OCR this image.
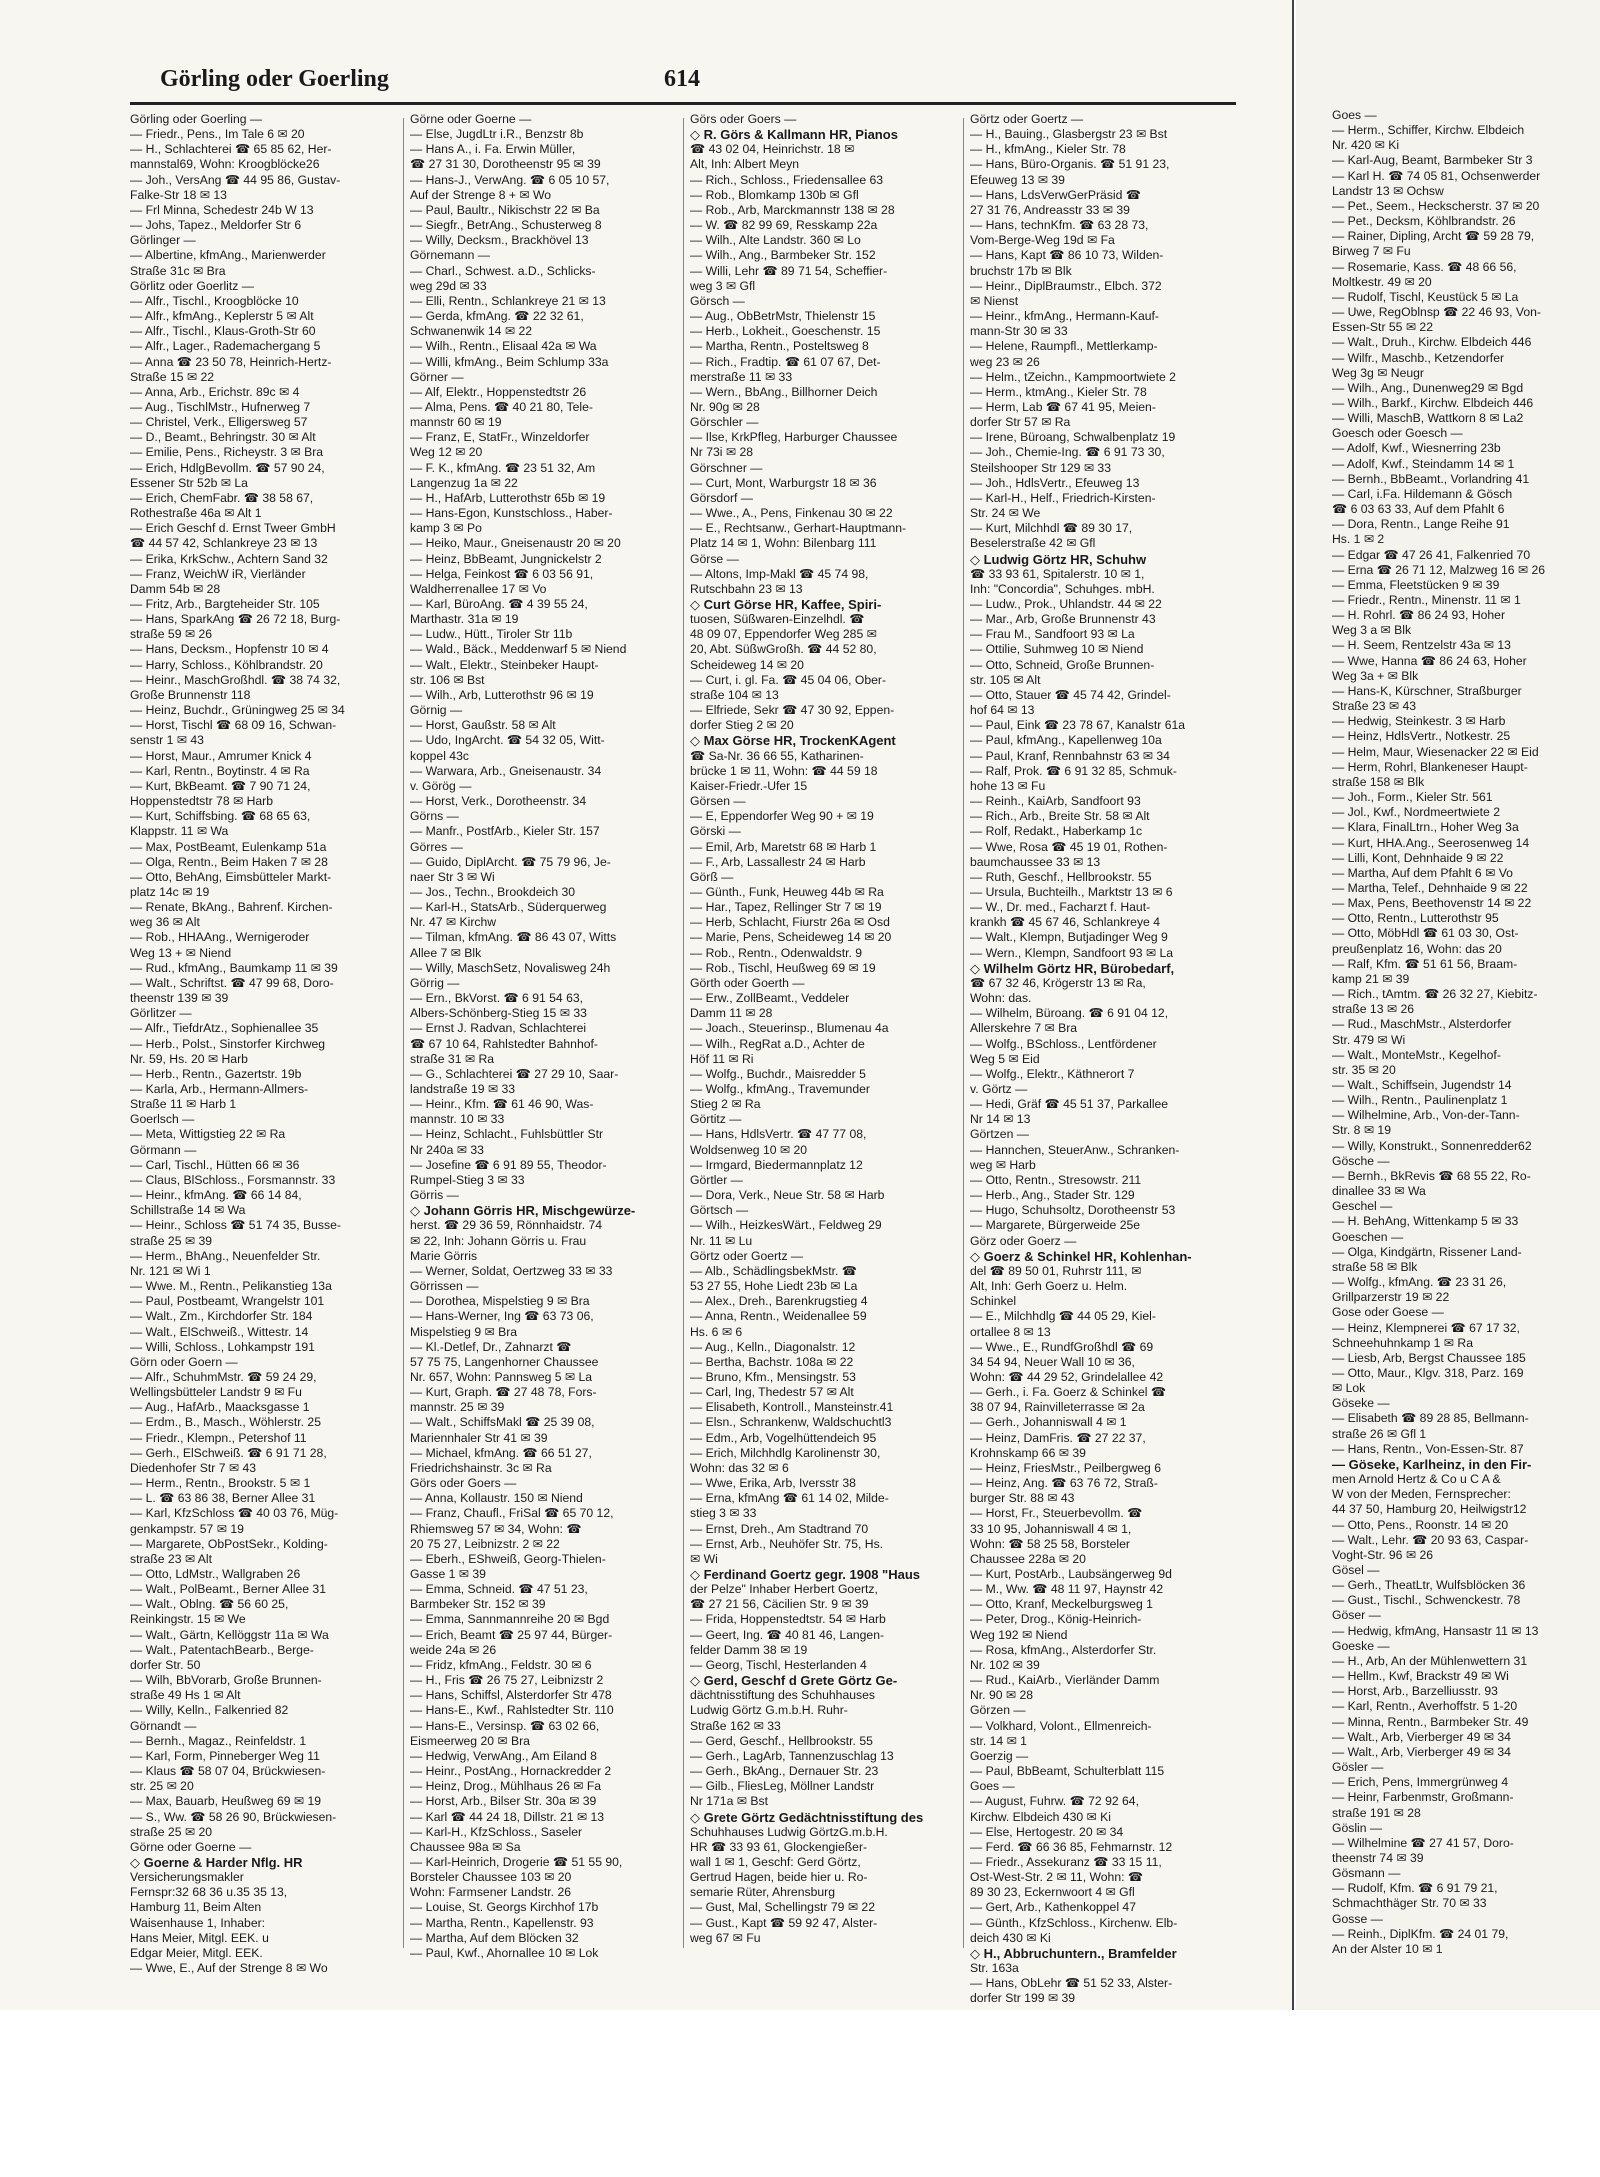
Görling oder Goerling	614
Görling oder Goerling —
— Friedr., Pens., Im Tale 6 ✉ 20
— H., Schlachterei ☎ 65 85 62, Her-
mannstal69, Wohn: Kroogblöcke26
— Joh., VersAng ☎ 44 95 86, Gustav-
Falke-Str 18 ✉ 13
— Frl Minna, Schedestr 24b W 13
— Johs, Tapez., Meldorfer Str 6
Görlinger —
— Albertine, kfmAng., Marienwerder
Straße 31c ✉ Bra
Görlitz oder Goerlitz —
— Alfr., Tischl., Kroogblöcke 10
— Alfr., kfmAng., Keplerstr 5 ✉ Alt
— Alfr., Tischl., Klaus-Groth-Str 60
— Alfr., Lager., Rademachergang 5
— Anna ☎ 23 50 78, Heinrich-Hertz-
Straße 15 ✉ 22
— Anna, Arb., Erichstr. 89c ✉ 4
— Aug., TischlMstr., Hufnerweg 7
— Christel, Verk., Elligersweg 57
— D., Beamt., Behringstr. 30 ✉ Alt
— Emilie, Pens., Richeystr. 3 ✉ Bra
— Erich, HdlgBevollm. ☎ 57 90 24,
Essener Str 52b ✉ La
— Erich, ChemFabr. ☎ 38 58 67,
Rothestraße 46a ✉ Alt 1
— Erich Geschf d. Ernst Tweer GmbH
☎ 44 57 42, Schlankreye 23 ✉ 13
— Erika, KrkSchw., Achtern Sand 32
— Franz, WeichW iR, Vierländer
Damm 54b ✉ 28
— Fritz, Arb., Bargteheider Str. 105
— Hans, SparkAng ☎ 26 72 18, Burg-
straße 59 ✉ 26
— Hans, Decksm., Hopfenstr 10 ✉ 4
— Harry, Schloss., Köhlbrandstr. 20
— Heinr., MaschGroßhdl. ☎ 38 74 32,
Große Brunnenstr 118
— Heinz, Buchdr., Grüningweg 25 ✉ 34
— Horst, Tischl ☎ 68 09 16, Schwan-
senstr 1 ✉ 43
— Horst, Maur., Amrumer Knick 4
— Karl, Rentn., Boytinstr. 4 ✉ Ra
— Kurt, BkBeamt. ☎ 7 90 71 24,
Hoppenstedtstr 78 ✉ Harb
— Kurt, Schiffsbing. ☎ 68 65 63,
Klappstr. 11 ✉ Wa
— Max, PostBeamt, Eulenkamp 51a
— Olga, Rentn., Beim Haken 7 ✉ 28
— Otto, BehAng, Eimsbütteler Markt-
platz 14c ✉ 19
— Renate, BkAng., Bahrenf. Kirchen-
weg 36 ✉ Alt
— Rob., HHAAng., Wernigeroder
Weg 13 + ✉ Niend
— Rud., kfmAng., Baumkamp 11 ✉ 39
— Walt., Schriftst. ☎ 47 99 68, Doro-
theenstr 139 ✉ 39
Görlitzer —
— Alfr., TiefdrAtz., Sophienallee 35
— Herb., Polst., Sinstorfer Kirchweg
Nr. 59, Hs. 20 ✉ Harb
— Herb., Rentn., Gazertstr. 19b
— Karla, Arb., Hermann-Allmers-
Straße 11 ✉ Harb 1
Goerlsch —
— Meta, Wittigstieg 22 ✉ Ra
Görmann —
— Carl, Tischl., Hütten 66 ✉ 36
— Claus, BlSchloss., Forsmannstr. 33
— Heinr., kfmAng. ☎ 66 14 84,
Schillstraße 14 ✉ Wa
— Heinr., Schloss ☎ 51 74 35, Busse-
straße 25 ✉ 39
— Herm., BhAng., Neuenfelder Str.
Nr. 121 ✉ Wi 1
— Wwe. M., Rentn., Pelikanstieg 13a
— Paul, Postbeamt, Wrangelstr 101
— Walt., Zm., Kirchdorfer Str. 184
— Walt., ElSchweiß., Wittestr. 14
— Willi, Schloss., Lohkampstr 191
Görn oder Goern —
— Alfr., SchuhmMstr. ☎ 59 24 29,
Wellingsbütteler Landstr 9 ✉ Fu
— Aug., HafArb., Maacksgasse 1
— Erdm., B., Masch., Wöhlerstr. 25
— Friedr., Klempn., Petershof 11
— Gerh., ElSchweiß. ☎ 6 91 71 28,
Diedenhofer Str 7 ✉ 43
— Herm., Rentn., Brookstr. 5 ✉ 1
— L. ☎ 63 86 38, Berner Allee 31
— Karl, KfzSchloss ☎ 40 03 76, Müg-
genkampstr. 57 ✉ 19
— Margarete, ObPostSekr., Kolding-
straße 23 ✉ Alt
— Otto, LdMstr., Wallgraben 26
— Walt., PolBeamt., Berner Allee 31
— Walt., Oblng. ☎ 56 60 25,
Reinkingstr. 15 ✉ We
— Walt., Gärtn, Kellöggstr 11a ✉ Wa
— Walt., PatentachBearb., Berge-
dorfer Str. 50
— Wilh, BbVorarb, Große Brunnen-
straße 49 Hs 1 ✉ Alt
— Willy, Kelln., Falkenried 82
Görnandt —
— Bernh., Magaz., Reinfeldstr. 1
— Karl, Form, Pinneberger Weg 11
— Klaus ☎ 58 07 04, Brückwiesen-
str. 25 ✉ 20
— Max, Bauarb, Heußweg 69 ✉ 19
— S., Ww. ☎ 58 26 90, Brückwiesen-
straße 25 ✉ 20
Görne oder Goerne —
◇ Goerne & Harder Nflg. HR
Versicherungsmakler
Fernspr:32 68 36 u.35 35 13,
Hamburg 11, Beim Alten
Waisenhause 1, Inhaber:
Hans Meier, Mitgl. EEK. u
Edgar Meier, Mitgl. EEK.
— Wwe, E., Auf der Strenge 8 ✉ Wo
Görne oder Goerne —
— Else, JugdLtr i.R., Benzstr 8b
— Hans A., i. Fa. Erwin Müller,
☎ 27 31 30, Dorotheenstr 95 ✉ 39
— Hans-J., VerwAng. ☎ 6 05 10 57,
Auf der Strenge 8 + ✉ Wo
— Paul, Baultr., Nikischstr 22 ✉ Ba
— Siegfr., BetrAng., Schusterweg 8
— Willy, Decksm., Brackhövel 13
Görnemann —
— Charl., Schwest. a.D., Schlicks-
weg 29d ✉ 33
— Elli, Rentn., Schlankreye 21 ✉ 13
— Gerda, kfmAng. ☎ 22 32 61,
Schwanenwik 14 ✉ 22
— Wilh., Rentn., Elisaal 42a ✉ Wa
— Willi, kfmAng., Beim Schlump 33a
Görner —
— Alf, Elektr., Hoppenstedtstr 26
— Alma, Pens. ☎ 40 21 80, Tele-
mannstr 60 ✉ 19
— Franz, E, StatFr., Winzeldorfer
Weg 12 ✉ 20
— F. K., kfmAng. ☎ 23 51 32, Am
Langenzug 1a ✉ 22
— H., HafArb, Lutterothstr 65b ✉ 19
— Hans-Egon, Kunstschloss., Haber-
kamp 3 ✉ Po
— Heiko, Maur., Gneisenaustr 20 ✉ 20
— Heinz, BbBeamt, Jungnickelstr 2
— Helga, Feinkost ☎ 6 03 56 91,
Waldherrenallee 17 ✉ Vo
— Karl, BüroAng. ☎ 4 39 55 24,
Marthastr. 31a ✉ 19
— Ludw., Hütt., Tiroler Str 11b
— Wald., Bäck., Meddenwarf 5 ✉ Niend
— Walt., Elektr., Steinbeker Haupt-
str. 106 ✉ Bst
— Wilh., Arb, Lutterothstr 96 ✉ 19
Görnig —
— Horst, Gaußstr. 58 ✉ Alt
— Udo, IngArcht. ☎ 54 32 05, Witt-
koppel 43c
— Warwara, Arb., Gneisenaustr. 34
v. Görög —
— Horst, Verk., Dorotheenstr. 34
Görns —
— Manfr., PostfArb., Kieler Str. 157
Görres —
— Guido, DiplArcht. ☎ 75 79 96, Je-
naer Str 3 ✉ Wi
— Jos., Techn., Brookdeich 30
— Karl-H., StatsArb., Süderquerweg
Nr. 47 ✉ Kirchw
— Tilman, kfmAng. ☎ 86 43 07, Witts
Allee 7 ✉ Blk
— Willy, MaschSetz, Novalisweg 24h
Görrig —
— Ern., BkVorst. ☎ 6 91 54 63,
Albers-Schönberg-Stieg 15 ✉ 33
— Ernst J. Radvan, Schlachterei
☎ 67 10 64, Rahlstedter Bahnhof-
straße 31 ✉ Ra
— G., Schlachterei ☎ 27 29 10, Saar-
landstraße 19 ✉ 33
— Heinr., Kfm. ☎ 61 46 90, Was-
mannstr. 10 ✉ 33
— Heinz, Schlacht., Fuhlsbüttler Str
Nr 240a ✉ 33
— Josefine ☎ 6 91 89 55, Theodor-
Rumpel-Stieg 3 ✉ 33
Görris —
◇ Johann Görris HR, Mischgewürze-
herst. ☎ 29 36 59, Rönnhaidstr. 74
✉ 22, Inh: Johann Görris u. Frau
Marie Görris
— Werner, Soldat, Oertzweg 33 ✉ 33
Görrissen —
— Dorothea, Mispelstieg 9 ✉ Bra
— Hans-Werner, Ing ☎ 63 73 06,
Mispelstieg 9 ✉ Bra
— Kl.-Detlef, Dr., Zahnarzt ☎
57 75 75, Langenhorner Chaussee
Nr. 657, Wohn: Pannsweg 5 ✉ La
— Kurt, Graph. ☎ 27 48 78, Fors-
mannstr. 25 ✉ 39
— Walt., SchiffsMakl ☎ 25 39 08,
Mariennhaler Str 41 ✉ 39
— Michael, kfmAng. ☎ 66 51 27,
Friedrichshainstr. 3c ✉ Ra
Görs oder Goers —
— Anna, Kollaustr. 150 ✉ Niend
— Franz, Chaufl., FriSal ☎ 65 70 12,
Rhiemsweg 57 ✉ 34, Wohn: ☎
20 75 27, Leibnizstr. 2 ✉ 22
— Eberh., EShweiß, Georg-Thielen-
Gasse 1 ✉ 39
— Emma, Schneid. ☎ 47 51 23,
Barmbeker Str. 152 ✉ 39
— Emma, Sannmannreihe 20 ✉ Bgd
— Erich, Beamt ☎ 25 97 44, Bürger-
weide 24a ✉ 26
— Fridz, kfmAng., Feldstr. 30 ✉ 6
— H., Fris ☎ 26 75 27, Leibnizstr 2
— Hans, Schiffsl, Alsterdorfer Str 478
— Hans-E., Kwf., Rahlstedter Str. 110
— Hans-E., Versinsp. ☎ 63 02 66,
Eismeerweg 20 ✉ Bra
— Hedwig, VerwAng., Am Eiland 8
— Heinr., PostAng., Hornackredder 2
— Heinz, Drog., Mühlhaus 26 ✉ Fa
— Horst, Arb., Bilser Str. 30a ✉ 39
— Karl ☎ 44 24 18, Dillstr. 21 ✉ 13
— Karl-H., KfzSchloss., Saseler
Chaussee 98a ✉ Sa
— Karl-Heinrich, Drogerie ☎ 51 55 90,
Borsteler Chaussee 103 ✉ 20
Wohn: Farmsener Landstr. 26
— Louise, St. Georgs Kirchhof 17b
— Martha, Rentn., Kapellenstr. 93
— Martha, Auf dem Blöcken 32
— Paul, Kwf., Ahornallee 10 ✉ Lok
Görs oder Goers —
◇ R. Görs & Kallmann HR, Pianos
☎ 43 02 04, Heinrichstr. 18 ✉
Alt, Inh: Albert Meyn
— Rich., Schloss., Friedensallee 63
— Rob., Blomkamp 130b ✉ Gfl
— Rob., Arb, Marckmannstr 138 ✉ 28
— W. ☎ 82 99 69, Resskamp 22a
— Wilh., Alte Landstr. 360 ✉ Lo
— Wilh., Ang., Barmbeker Str. 152
— Willi, Lehr ☎ 89 71 54, Scheffier-
weg 3 ✉ Gfl
Görsch —
— Aug., ObBetrMstr, Thielenstr 15
— Herb., Lokheit., Goeschenstr. 15
— Martha, Rentn., Posteltsweg 8
— Rich., Fradtip. ☎ 61 07 67, Det-
merstraße 11 ✉ 33
— Wern., BbAng., Billhorner Deich
Nr. 90g ✉ 28
Görschler —
— Ilse, KrkPfleg, Harburger Chaussee
Nr 73i ✉ 28
Görschner —
— Curt, Mont, Warburgstr 18 ✉ 36
Görsdorf —
— Wwe., A., Pens, Finkenau 30 ✉ 22
— E., Rechtsanw., Gerhart-Hauptmann-
Platz 14 ✉ 1, Wohn: Bilenbarg 111
Görse —
— Altons, Imp-Makl ☎ 45 74 98,
Rutschbahn 23 ✉ 13
◇ Curt Görse HR, Kaffee, Spiri-
tuosen, Süßwaren-Einzelhdl. ☎
48 09 07, Eppendorfer Weg 285 ✉
20, Abt. SüßwGroßh. ☎ 44 52 80,
Scheideweg 14 ✉ 20
— Curt, i. gl. Fa. ☎ 45 04 06, Ober-
straße 104 ✉ 13
— Elfriede, Sekr ☎ 47 30 92, Eppen-
dorfer Stieg 2 ✉ 20
◇ Max Görse HR, TrockenKAgent
☎ Sa-Nr. 36 66 55, Katharinen-
brücke 1 ✉ 11, Wohn: ☎ 44 59 18
Kaiser-Friedr.-Ufer 15
Görsen —
— E, Eppendorfer Weg 90 + ✉ 19
Görski —
— Emil, Arb, Maretstr 68 ✉ Harb 1
— F., Arb, Lassallestr 24 ✉ Harb
Görß —
— Günth., Funk, Heuweg 44b ✉ Ra
— Har., Tapez, Rellinger Str 7 ✉ 19
— Herb, Schlacht, Fiurstr 26a ✉ Osd
— Marie, Pens, Scheideweg 14 ✉ 20
— Rob., Rentn., Odenwaldstr. 9
— Rob., Tischl, Heußweg 69 ✉ 19
Görth oder Goerth —
— Erw., ZollBeamt., Veddeler
Damm 11 ✉ 28
— Joach., Steuerinsp., Blumenau 4a
— Wilh., RegRat a.D., Achter de
Höf 11 ✉ Ri
— Wolfg., Buchdr., Maisredder 5
— Wolfg., kfmAng., Travemunder
Stieg 2 ✉ Ra
Görtitz —
— Hans, HdlsVertr. ☎ 47 77 08,
Woldsenweg 10 ✉ 20
— Irmgard, Biedermannplatz 12
Görtler —
— Dora, Verk., Neue Str. 58 ✉ Harb
Görtsch —
— Wilh., HeizkesWärt., Feldweg 29
Nr. 11 ✉ Lu
Görtz oder Goertz —
— Alb., SchädlingsbekMstr. ☎
53 27 55, Hohe Liedt 23b ✉ La
— Alex., Dreh., Barenkrugstieg 4
— Anna, Rentn., Weidenallee 59
Hs. 6 ✉ 6
— Aug., Kelln., Diagonalstr. 12
— Bertha, Bachstr. 108a ✉ 22
— Bruno, Kfm., Mensingstr. 53
— Carl, Ing, Thedestr 57 ✉ Alt
— Elisabeth, Kontroll., Mansteinstr.41
— Elsn., Schrankenw, Waldschuchtl3
— Edm., Arb, Vogelhüttendeich 95
— Erich, Milchhdlg Karolinenstr 30,
Wohn: das 32 ✉ 6
— Wwe, Erika, Arb, Iversstr 38
— Erna, kfmAng ☎ 61 14 02, Milde-
stieg 3 ✉ 33
— Ernst, Dreh., Am Stadtrand 70
— Ernst, Arb., Neuhöfer Str. 75, Hs.
✉ Wi
◇ Ferdinand Goertz gegr. 1908 "Haus
der Pelze" Inhaber Herbert Goertz,
☎ 27 21 56, Cäcilien Str. 9 ✉ 39
— Frida, Hoppenstedtstr. 54 ✉ Harb
— Geert, Ing. ☎ 40 81 46, Langen-
felder Damm 38 ✉ 19
— Georg, Tischl, Hesterlanden 4
◇ Gerd, Geschf d Grete Görtz Ge-
dächtnisstiftung des Schuhhauses
Ludwig Görtz G.m.b.H. Ruhr-
Straße 162 ✉ 33
— Gerd, Geschf., Hellbrookstr. 55
— Gerh., LagArb, Tannenzuschlag 13
— Gerh., BkAng., Dernauer Str. 23
— Gilb., FliesLeg, Möllner Landstr
Nr 171a ✉ Bst
◇ Grete Görtz Gedächtnisstiftung des
Schuhhauses Ludwig GörtzG.m.b.H.
HR ☎ 33 93 61, Glockengießer-
wall 1 ✉ 1, Geschf: Gerd Görtz,
Gertrud Hagen, beide hier u. Ro-
semarie Rüter, Ahrensburg
— Gust, Mal, Schellingstr 79 ✉ 22
— Gust., Kapt ☎ 59 92 47, Alster-
weg 67 ✉ Fu
Görtz oder Goertz —
— H., Bauing., Glasbergstr 23 ✉ Bst
— H., kfmAng., Kieler Str. 78
— Hans, Büro-Organis. ☎ 51 91 23,
Efeuweg 13 ✉ 39
— Hans, LdsVerwGerPräsid ☎
27 31 76, Andreasstr 33 ✉ 39
— Hans, technKfm. ☎ 63 28 73,
Vom-Berge-Weg 19d ✉ Fa
— Hans, Kapt ☎ 86 10 73, Wilden-
bruchstr 17b ✉ Blk
— Heinr., DiplBraumstr., Elbch. 372
✉ Nienst
— Heinr., kfmAng., Hermann-Kauf-
mann-Str 30 ✉ 33
— Helene, Raumpfl., Mettlerkamp-
weg 23 ✉ 26
— Helm., tZeichn., Kampmoortwiete 2
— Herm., ktmAng., Kieler Str. 78
— Herm, Lab ☎ 67 41 95, Meien-
dorfer Str 57 ✉ Ra
— Irene, Büroang, Schwalbenplatz 19
— Joh., Chemie-Ing. ☎ 6 91 73 30,
Steilshooper Str 129 ✉ 33
— Joh., HdlsVertr., Efeuweg 13
— Karl-H., Helf., Friedrich-Kirsten-
Str. 24 ✉ We
— Kurt, Milchhdl ☎ 89 30 17,
Beselerstraße 42 ✉ Gfl
◇ Ludwig Görtz HR, Schuhw
☎ 33 93 61, Spitalerstr. 10 ✉ 1,
Inh: "Concordia", Schuhges. mbH.
— Ludw., Prok., Uhlandstr. 44 ✉ 22
— Mar., Arb, Große Brunnenstr 43
— Frau M., Sandfoort 93 ✉ La
— Ottilie, Suhmweg 10 ✉ Niend
— Otto, Schneid, Große Brunnen-
str. 105 ✉ Alt
— Otto, Stauer ☎ 45 74 42, Grindel-
hof 64 ✉ 13
— Paul, Eink ☎ 23 78 67, Kanalstr 61a
— Paul, kfmAng., Kapellenweg 10a
— Paul, Kranf, Rennbahnstr 63 ✉ 34
— Ralf, Prok. ☎ 6 91 32 85, Schmuk-
hohe 13 ✉ Fu
— Reinh., KaiArb, Sandfoort 93
— Rich., Arb., Breite Str. 58 ✉ Alt
— Rolf, Redakt., Haberkamp 1c
— Wwe, Rosa ☎ 45 19 01, Rothen-
baumchaussee 33 ✉ 13
— Ruth, Geschf., Hellbrookstr. 55
— Ursula, Buchteilh., Marktstr 13 ✉ 6
— W., Dr. med., Facharzt f. Haut-
krankh ☎ 45 67 46, Schlankreye 4
— Walt., Klempn, Butjadinger Weg 9
— Wern., Klempn, Sandfoort 93 ✉ La
◇ Wilhelm Görtz HR, Bürobedarf,
☎ 67 32 46, Krögerstr 13 ✉ Ra,
Wohn: das.
— Wilhelm, Büroang. ☎ 6 91 04 12,
Allerskehre 7 ✉ Bra
— Wolfg., BSchloss., Lentfördener
Weg 5 ✉ Eid
— Wolfg., Elektr., Käthnerort 7
v. Görtz —
— Hedi, Gräf ☎ 45 51 37, Parkallee
Nr 14 ✉ 13
Görtzen —
— Hannchen, SteuerAnw., Schranken-
weg ✉ Harb
— Otto, Rentn., Stresowstr. 211
— Herb., Ang., Stader Str. 129
— Hugo, Schuhsoltz, Dorotheenstr 53
— Margarete, Bürgerweide 25e
Görz oder Goerz —
◇ Goerz & Schinkel HR, Kohlenhan-
del ☎ 89 50 01, Ruhrstr 111, ✉
Alt, Inh: Gerh Goerz u. Helm.
Schinkel
— E., Milchhdlg ☎ 44 05 29, Kiel-
ortallee 8 ✉ 13
— Wwe., E., RundfGroßhdl ☎ 69
34 54 94, Neuer Wall 10 ✉ 36,
Wohn: ☎ 44 29 52, Grindelallee 42
— Gerh., i. Fa. Goerz & Schinkel ☎
38 07 94, Rainvilleterrasse ✉ 2a
— Gerh., Johanniswall 4 ✉ 1
— Heinz, DamFris. ☎ 27 22 37,
Krohnskamp 66 ✉ 39
— Heinz, FriesMstr., Peilbergweg 6
— Heinz, Ang. ☎ 63 76 72, Straß-
burger Str. 88 ✉ 43
— Horst, Fr., Steuerbevollm. ☎
33 10 95, Johanniswall 4 ✉ 1,
Wohn: ☎ 58 25 58, Borsteler
Chaussee 228a ✉ 20
— Kurt, PostArb., Laubsängerweg 9d
— M., Ww. ☎ 48 11 97, Haynstr 42
— Otto, Kranf, Meckelburgsweg 1
— Peter, Drog., König-Heinrich-
Weg 192 ✉ Niend
— Rosa, kfmAng., Alsterdorfer Str.
Nr. 102 ✉ 39
— Rud., KaiArb., Vierländer Damm
Nr. 90 ✉ 28
Görzen —
— Volkhard, Volont., Ellmenreich-
str. 14 ✉ 1
Goerzig —
— Paul, BbBeamt, Schulterblatt 115
Goes —
— August, Fuhrw. ☎ 72 92 64,
Kirchw. Elbdeich 430 ✉ Ki
— Else, Hertogestr. 20 ✉ 34
— Ferd. ☎ 66 36 85, Fehmarnstr. 12
— Friedr., Assekuranz ☎ 33 15 11,
Ost-West-Str. 2 ✉ 11, Wohn: ☎
89 30 23, Eckernwoort 4 ✉ Gfl
— Gert, Arb., Kathenkoppel 47
— Günth., KfzSchloss., Kirchenw. Elb-
deich 430 ✉ Ki
◇ H., Abbruchuntern., Bramfelder
Str. 163a
— Hans, ObLehr ☎ 51 52 33, Alster-
dorfer Str 199 ✉ 39
Goes —
— Herm., Schiffer, Kirchw. Elbdeich
Nr. 420 ✉ Ki
— Karl-Aug, Beamt, Barmbeker Str 3
— Karl H. ☎ 74 05 81, Ochsenwerder
Landstr 13 ✉ Ochsw
— Pet., Seem., Heckscherstr. 37 ✉ 20
— Pet., Decksm, Köhlbrandstr. 26
— Rainer, Dipling, Archt ☎ 59 28 79,
Birweg 7 ✉ Fu
— Rosemarie, Kass. ☎ 48 66 56,
Moltkestr. 49 ✉ 20
— Rudolf, Tischl, Keustück 5 ✉ La
— Uwe, RegOblnsp ☎ 22 46 93, Von-
Essen-Str 55 ✉ 22
— Walt., Druh., Kirchw. Elbdeich 446
— Wilfr., Maschb., Ketzendorfer
Weg 3g ✉ Neugr
— Wilh., Ang., Dunenweg29 ✉ Bgd
— Wilh., Barkf., Kirchw. Elbdeich 446
— Willi, MaschB, Wattkorn 8 ✉ La2
Goesch oder Goesch —
— Adolf, Kwf., Wiesnerring 23b
— Adolf, Kwf., Steindamm 14 ✉ 1
— Bernh., BbBeamt., Vorlandring 41
— Carl, i.Fa. Hildemann & Gösch
☎ 6 03 63 33, Auf dem Pfahlt 6
— Dora, Rentn., Lange Reihe 91
Hs. 1 ✉ 2
— Edgar ☎ 47 26 41, Falkenried 70
— Erna ☎ 26 71 12, Malzweg 16 ✉ 26
— Emma, Fleetstücken 9 ✉ 39
— Friedr., Rentn., Minenstr. 11 ✉ 1
— H. Rohrl. ☎ 86 24 93, Hoher
Weg 3 a ✉ Blk
— H. Seem, Rentzelstr 43a ✉ 13
— Wwe, Hanna ☎ 86 24 63, Hoher
Weg 3a + ✉ Blk
— Hans-K, Kürschner, Straßburger
Straße 23 ✉ 43
— Hedwig, Steinkestr. 3 ✉ Harb
— Heinz, HdlsVertr., Notkestr. 25
— Helm, Maur, Wiesenacker 22 ✉ Eid
— Herm, Rohrl, Blankeneser Haupt-
straße 158 ✉ Blk
— Joh., Form., Kieler Str. 561
— Jol., Kwf., Nordmeertwiete 2
— Klara, FinalLtrn., Hoher Weg 3a
— Kurt, HHA.Ang., Seerosenweg 14
— Lilli, Kont, Dehnhaide 9 ✉ 22
— Martha, Auf dem Pfahlt 6 ✉ Vo
— Martha, Telef., Dehnhaide 9 ✉ 22
— Max, Pens, Beethovenstr 14 ✉ 22
— Otto, Rentn., Lutterothstr 95
— Otto, MöbHdl ☎ 61 03 30, Ost-
preußenplatz 16, Wohn: das 20
— Ralf, Kfm. ☎ 51 61 56, Braam-
kamp 21 ✉ 39
— Rich., tAmtm. ☎ 26 32 27, Kiebitz-
straße 13 ✉ 26
— Rud., MaschMstr., Alsterdorfer
Str. 479 ✉ Wi
— Walt., MonteMstr., Kegelhof-
str. 35 ✉ 20
— Walt., Schiffsein, Jugendstr 14
— Wilh., Rentn., Paulinenplatz 1
— Wilhelmine, Arb., Von-der-Tann-
Str. 8 ✉ 19
— Willy, Konstrukt., Sonnenredder62
Gösche —
— Bernh., BkRevis ☎ 68 55 22, Ro-
dinallee 33 ✉ Wa
Geschel —
— H. BehAng, Wittenkamp 5 ✉ 33
Goeschen —
— Olga, Kindgärtn, Rissener Land-
straße 58 ✉ Blk
— Wolfg., kfmAng. ☎ 23 31 26,
Grillparzerstr 19 ✉ 22
Gose oder Goese —
— Heinz, Klempnerei ☎ 67 17 32,
Schneehuhnkamp 1 ✉ Ra
— Liesb, Arb, Bergst Chaussee 185
— Otto, Maur., Klgv. 318, Parz. 169
✉ Lok
Göseke —
— Elisabeth ☎ 89 28 85, Bellmann-
straße 26 ✉ Gfl 1
— Hans, Rentn., Von-Essen-Str. 87
— Göseke, Karlheinz, in den Fir-
men Arnold Hertz & Co u C A &
W von der Meden, Fernsprecher:
44 37 50, Hamburg 20, Heilwigstr12
— Otto, Pens., Roonstr. 14 ✉ 20
— Walt., Lehr. ☎ 20 93 63, Caspar-
Voght-Str. 96 ✉ 26
Gösel —
— Gerh., TheatLtr, Wulfsblöcken 36
— Gust., Tischl., Schwenckestr. 78
Göser —
— Hedwig, kfmAng, Hansastr 11 ✉ 13
Goeske —
— H., Arb, An der Mühlenwettern 31
— Hellm., Kwf, Brackstr 49 ✉ Wi
— Horst, Arb., Barzelliusstr. 93
— Karl, Rentn., Averhoffstr. 5 1-20
— Minna, Rentn., Barmbeker Str. 49
— Walt., Arb, Vierberger 49 ✉ 34
— Walt., Arb, Vierberger 49 ✉ 34
Gösler —
— Erich, Pens, Immergrünweg 4
— Heinr, Farbenmstr, Großmann-
straße 191 ✉ 28
Göslin —
— Wilhelmine ☎ 27 41 57, Doro-
theenstr 74 ✉ 39
Gösmann —
— Rudolf, Kfm. ☎ 6 91 79 21,
Schmachthäger Str. 70 ✉ 33
Gosse —
— Reinh., DiplKfm. ☎ 24 01 79,
An der Alster 10 ✉ 1
